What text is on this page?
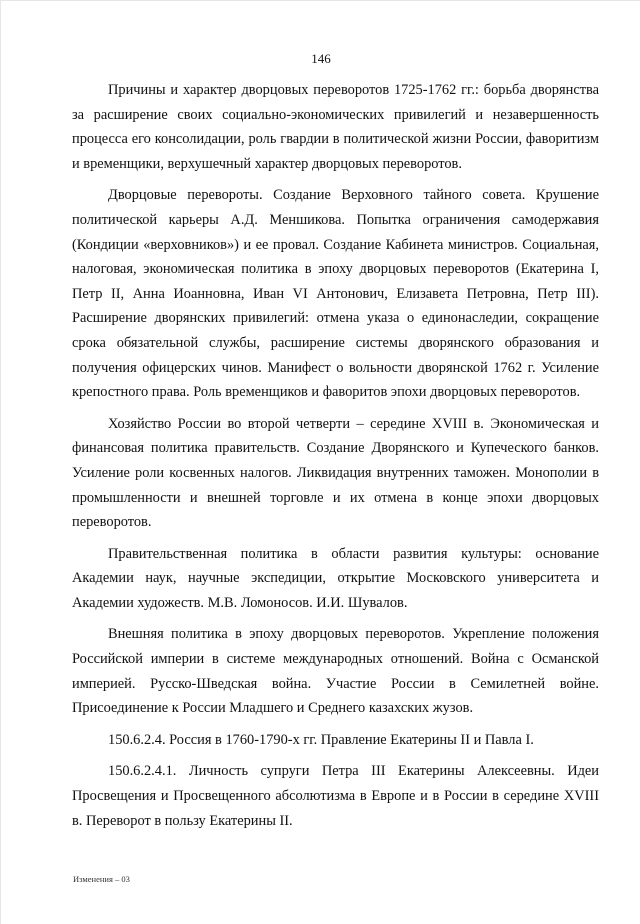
146

Причины и характер дворцовых переворотов 1725-1762 гг.: борьба дворянства за расширение своих социально-экономических привилегий и незавершенность процесса его консолидации, роль гвардии в политической жизни России, фаворитизм и временщики, верхушечный характер дворцовых переворотов.

Дворцовые перевороты. Создание Верховного тайного совета. Крушение политической карьеры А.Д. Меншикова. Попытка ограничения самодержавия (Кондиции «верховников») и ее провал. Создание Кабинета министров. Социальная, налоговая, экономическая политика в эпоху дворцовых переворотов (Екатерина I, Петр II, Анна Иоанновна, Иван VI Антонович, Елизавета Петровна, Петр III). Расширение дворянских привилегий: отмена указа о единонаследии, сокращение срока обязательной службы, расширение системы дворянского образования и получения офицерских чинов. Манифест о вольности дворянской 1762 г. Усиление крепостного права. Роль временщиков и фаворитов эпохи дворцовых переворотов.

Хозяйство России во второй четверти – середине XVIII в. Экономическая и финансовая политика правительств. Создание Дворянского и Купеческого банков. Усиление роли косвенных налогов. Ликвидация внутренних таможен. Монополии в промышленности и внешней торговле и их отмена в конце эпохи дворцовых переворотов.

Правительственная политика в области развития культуры: основание Академии наук, научные экспедиции, открытие Московского университета и Академии художеств. М.В. Ломоносов. И.И. Шувалов.

Внешняя политика в эпоху дворцовых переворотов. Укрепление положения Российской империи в системе международных отношений. Война с Османской империей. Русско-Шведская война. Участие России в Семилетней войне. Присоединение к России Младшего и Среднего казахских жузов.

150.6.2.4. Россия в 1760-1790-х гг. Правление Екатерины II и Павла I.

150.6.2.4.1. Личность супруги Петра III Екатерины Алексеевны. Идеи Просвещения и Просвещенного абсолютизма в Европе и в России в середине XVIII в. Переворот в пользу Екатерины II.

Изменения – 03
